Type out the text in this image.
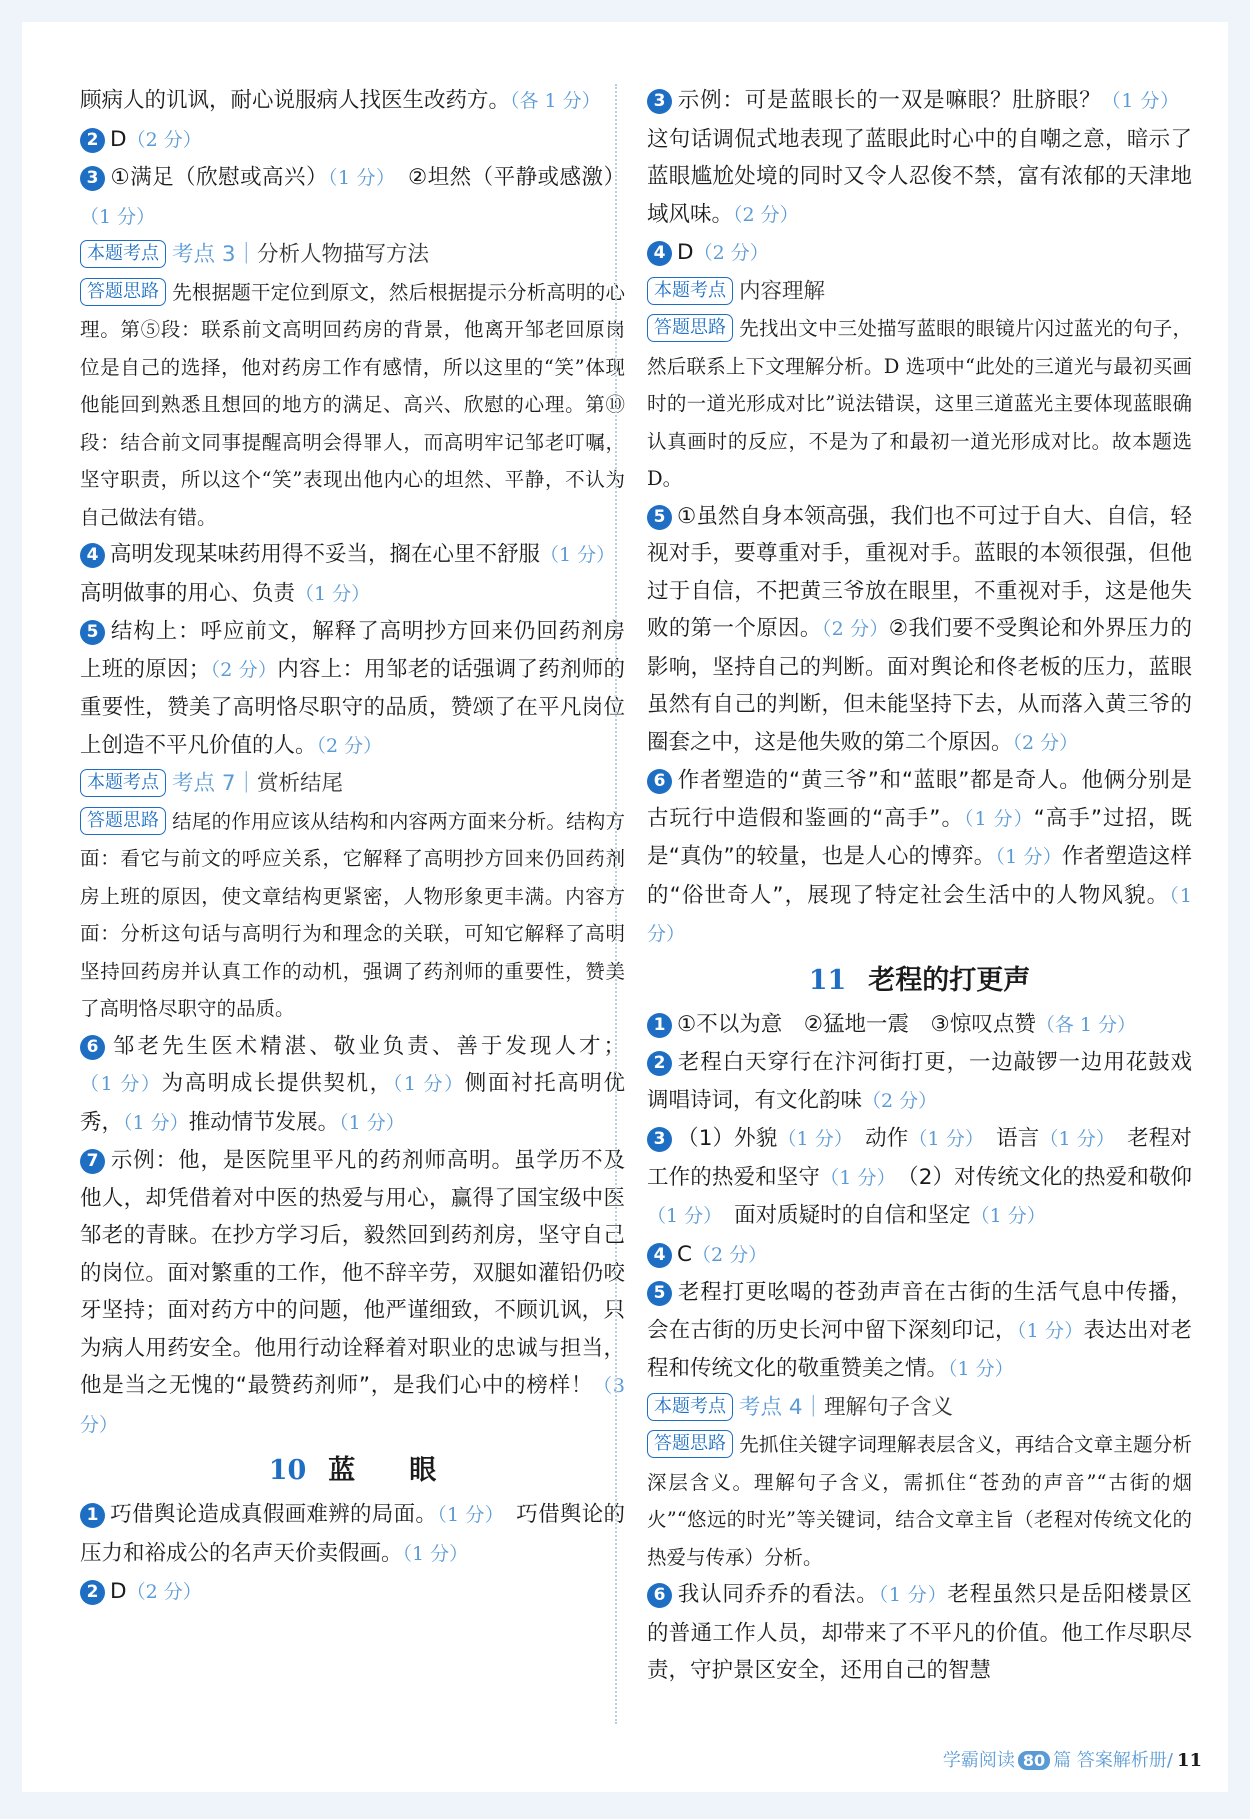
顾病人的讥讽，耐心说服病人找医生改药方。（各 1 分）

2 D（2 分）

3 ①满足（欣慰或高兴）（1 分）　②坦然（平静或感激）（1 分）

本题考点 考点 3｜分析人物描写方法

答题思路 先根据题干定位到原文，然后根据提示分析高明的心理。第⑤段：联系前文高明回药房的背景，他离开邹老回原岗位是自己的选择，他对药房工作有感情，所以这里的“笑”体现他能回到熟悉且想回的地方的满足、高兴、欣慰的心理。第⑩段：结合前文同事提醒高明会得罪人，而高明牢记邹老叮嘱，坚守职责，所以这个“笑”表现出他内心的坦然、平静，不认为自己做法有错。

4 高明发现某味药用得不妥当，搁在心里不舒服（1 分）　高明做事的用心、负责（1 分）

5 结构上：呼应前文，解释了高明抄方回来仍回药剂房上班的原因；（2 分）内容上：用邹老的话强调了药剂师的重要性，赞美了高明恪尽职守的品质，赞颂了在平凡岗位上创造不平凡价值的人。（2 分）

本题考点 考点 7｜赏析结尾

答题思路 结尾的作用应该从结构和内容两方面来分析。结构方面：看它与前文的呼应关系，它解释了高明抄方回来仍回药剂房上班的原因，使文章结构更紧密，人物形象更丰满。内容方面：分析这句话与高明行为和理念的关联，可知它解释了高明坚持回药房并认真工作的动机，强调了药剂师的重要性，赞美了高明恪尽职守的品质。

6 邹老先生医术精湛、敬业负责、善于发现人才；（1 分）为高明成长提供契机，（1 分）侧面衬托高明优秀，（1 分）推动情节发展。（1 分）

7 示例：他，是医院里平凡的药剂师高明。虽学历不及他人，却凭借着对中医的热爱与用心，赢得了国宝级中医邹老的青睐。在抄方学习后，毅然回到药剂房，坚守自己的岗位。面对繁重的工作，他不辞辛劳，双腿如灌铅仍咬牙坚持；面对药方中的问题，他严谨细致，不顾讥讽，只为病人用药安全。他用行动诠释着对职业的忠诚与担当，他是当之无愧的“最赞药剂师”，是我们心中的榜样！（3 分）

10 蓝　　眼

1 巧借舆论造成真假画难辨的局面。（1 分）　巧借舆论的压力和裕成公的名声天价卖假画。（1 分）

2 D（2 分）

3 示例：可是蓝眼长的一双是嘛眼？肚脐眼？（1 分）　这句话调侃式地表现了蓝眼此时心中的自嘲之意，暗示了蓝眼尴尬处境的同时又令人忍俊不禁，富有浓郁的天津地域风味。（2 分）

4 D（2 分）

本题考点 内容理解

答题思路 先找出文中三处描写蓝眼的眼镜片闪过蓝光的句子，然后联系上下文理解分析。D 选项中“此处的三道光与最初买画时的一道光形成对比”说法错误，这里三道蓝光主要体现蓝眼确认真画时的反应，不是为了和最初一道光形成对比。故本题选 D。

5 ①虽然自身本领高强，我们也不可过于自大、自信，轻视对手，要尊重对手，重视对手。蓝眼的本领很强，但他过于自信，不把黄三爷放在眼里，不重视对手，这是他失败的第一个原因。（2 分）②我们要不受舆论和外界压力的影响，坚持自己的判断。面对舆论和佟老板的压力，蓝眼虽然有自己的判断，但未能坚持下去，从而落入黄三爷的圈套之中，这是他失败的第二个原因。（2 分）

6 作者塑造的“黄三爷”和“蓝眼”都是奇人。他俩分别是古玩行中造假和鉴画的“高手”。（1 分）“高手”过招，既是“真伪”的较量，也是人心的博弈。（1 分）作者塑造这样的“俗世奇人”，展现了特定社会生活中的人物风貌。（1 分）

11 老程的打更声

1 ①不以为意　②猛地一震　③惊叹点赞（各 1 分）

2 老程白天穿行在汴河街打更，一边敲锣一边用花鼓戏调唱诗词，有文化韵味（2 分）

3 （1）外貌（1 分）　动作（1 分）　语言（1 分）　老程对工作的热爱和坚守（1 分）　（2）对传统文化的热爱和敬仰（1 分）　面对质疑时的自信和坚定（1 分）

4 C（2 分）

5 老程打更吆喝的苍劲声音在古街的生活气息中传播，会在古街的历史长河中留下深刻印记，（1 分）表达出对老程和传统文化的敬重赞美之情。（1 分）

本题考点 考点 4｜理解句子含义

答题思路 先抓住关键字词理解表层含义，再结合文章主题分析深层含义。理解句子含义，需抓住“苍劲的声音”“古街的烟火”“悠远的时光”等关键词，结合文章主旨（老程对传统文化的热爱与传承）分析。

6 我认同乔乔的看法。（1 分）老程虽然只是岳阳楼景区的普通工作人员，却带来了不平凡的价值。他工作尽职尽责，守护景区安全，还用自己的智慧

学霸阅读 80 篇 答案解析册/ 11
